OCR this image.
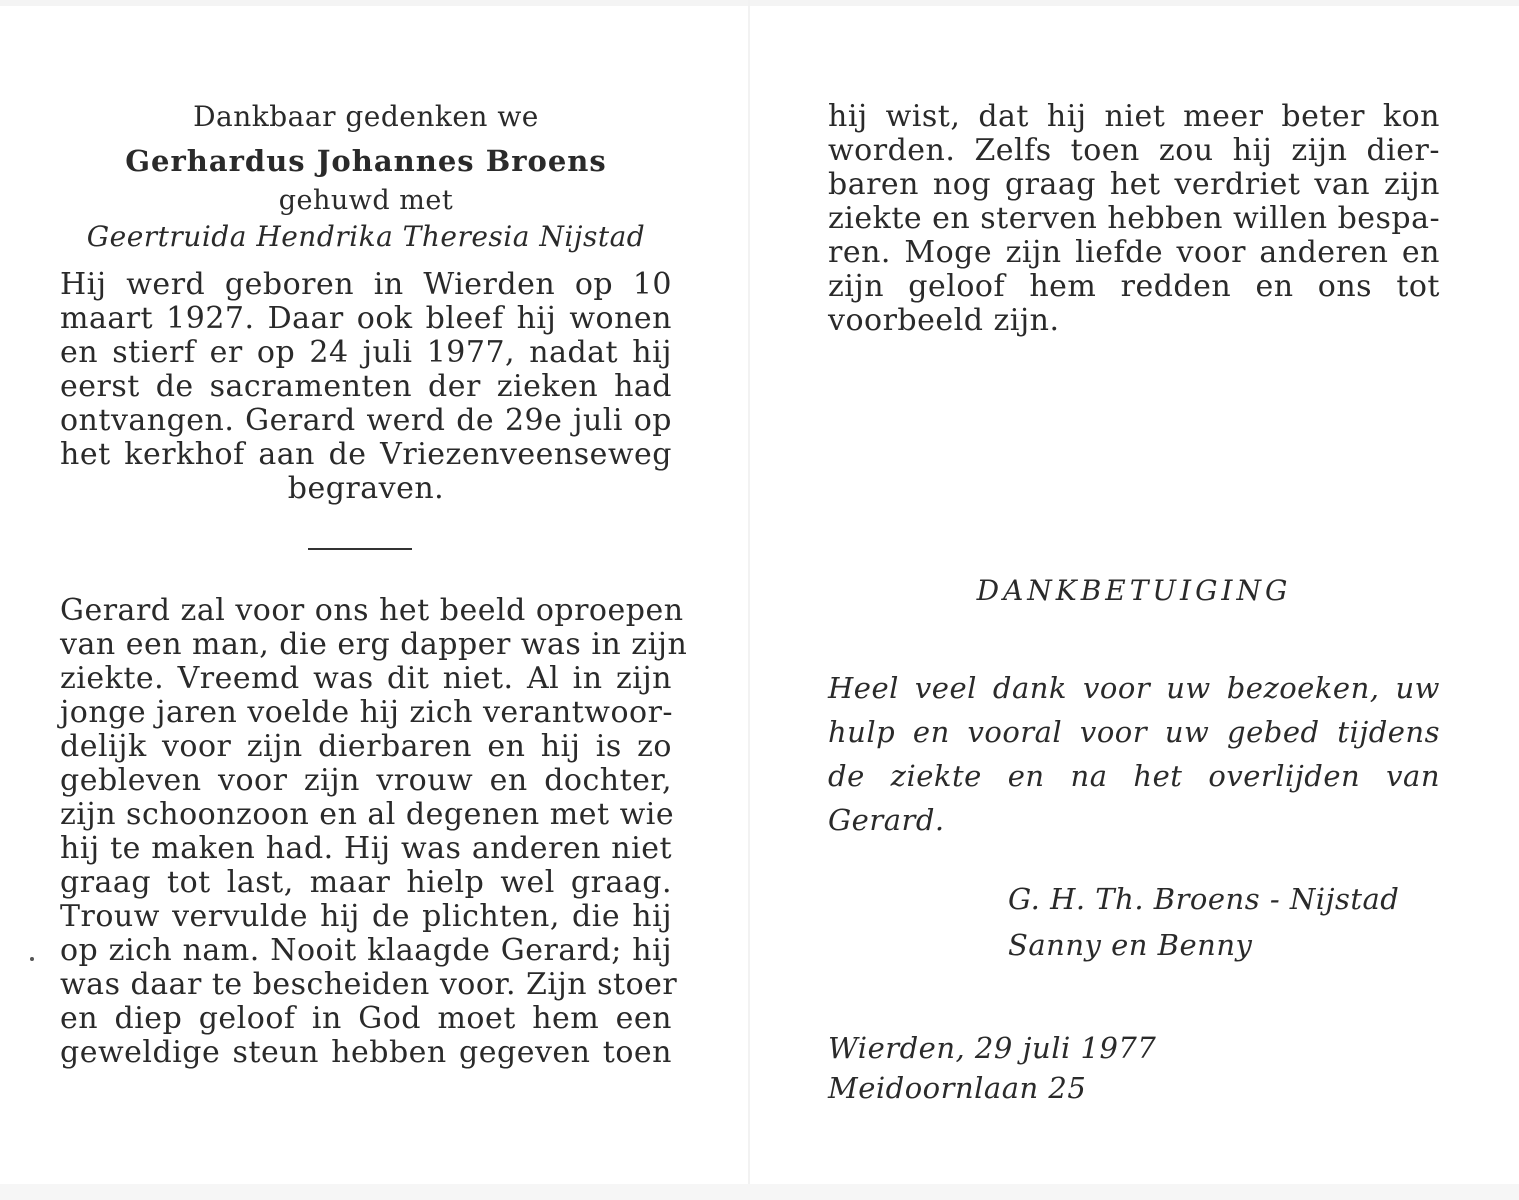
Dankbaar gedenken we
Gerhardus Johannes Broens
gehuwd met
Geertruida Hendrika Theresia Nijstad
Hij werd geboren in Wierden op 10
maart 1927. Daar ook bleef hij wonen
en stierf er op 24 juli 1977, nadat hij
eerst de sacramenten der zieken had
ontvangen. Gerard werd de 29e juli op
het kerkhof aan de Vriezenveenseweg
begraven.
Gerard zal voor ons het beeld oproepen
van een man, die erg dapper was in zijn
ziekte. Vreemd was dit niet. Al in zijn
jonge jaren voelde hij zich verantwoor-
delijk voor zijn dierbaren en hij is zo
gebleven voor zijn vrouw en dochter,
zijn schoonzoon en al degenen met wie
hij te maken had. Hij was anderen niet
graag tot last, maar hielp wel graag.
Trouw vervulde hij de plichten, die hij
op zich nam. Nooit klaagde Gerard; hij
was daar te bescheiden voor. Zijn stoer
en diep geloof in God moet hem een
geweldige steun hebben gegeven toen
hij wist, dat hij niet meer beter kon
worden. Zelfs toen zou hij zijn dier-
baren nog graag het verdriet van zijn
ziekte en sterven hebben willen bespa-
ren. Moge zijn liefde voor anderen en
zijn geloof hem redden en ons tot
voorbeeld zijn.
DANKBETUIGING
Heel veel dank voor uw bezoeken, uw
hulp en vooral voor uw gebed tijdens
de ziekte en na het overlijden van
Gerard.
G. H. Th. Broens - Nijstad
Sanny en Benny
Wierden, 29 juli 1977
Meidoornlaan 25
